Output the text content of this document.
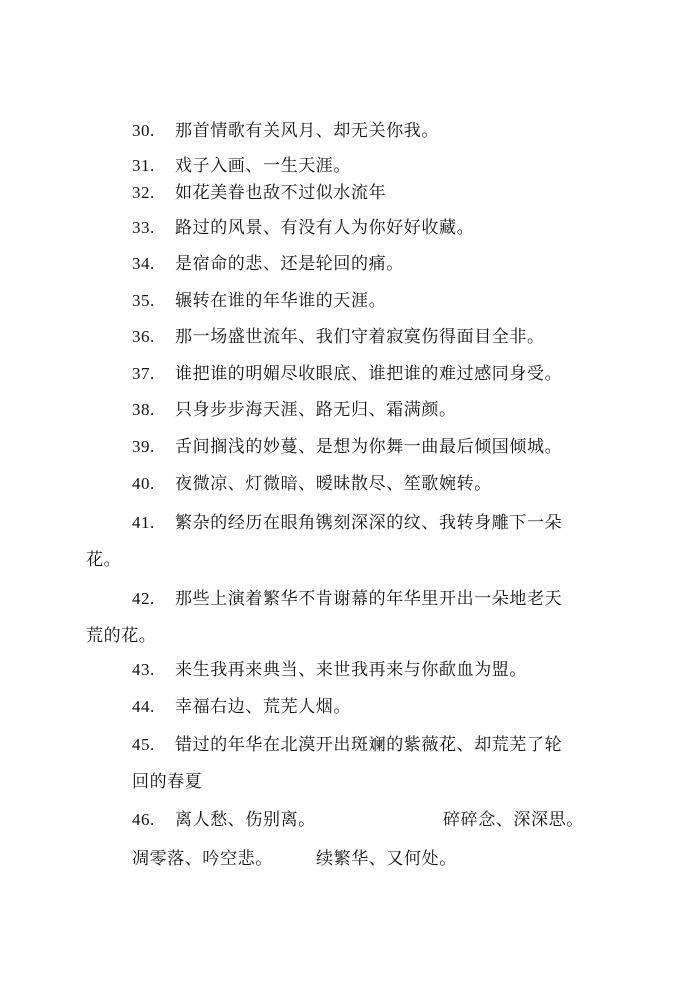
30. 那首情歌有关风月、却无关你我。
31. 戏子入画、一生天涯。
32. 如花美眷也敌不过似水流年
33. 路过的风景、有没有人为你好好收藏。
34. 是宿命的悲、还是轮回的痛。
35. 辗转在谁的年华谁的天涯。
36. 那一场盛世流年、我们守着寂寞伤得面目全非。
37. 谁把谁的明媚尽收眼底、谁把谁的难过感同身受。
38. 只身步步海天涯、路无归、霜满颜。
39. 舌间搁浅的妙蔓、是想为你舞一曲最后倾国倾城。
40. 夜微凉、灯微暗、暧昧散尽、笙歌婉转。
41. 繁杂的经历在眼角镌刻深深的纹、我转身雕下一朵
花。
42. 那些上演着繁华不肯谢幕的年华里开出一朵地老天
荒的花。
43. 来生我再来典当、来世我再来与你歃血为盟。
44. 幸福右边、荒芜人烟。
45. 错过的年华在北漠开出斑斓的紫薇花、却荒芜了轮
回的春夏
46. 离人愁、伤别离。	碎碎念、深深思。
凋零落、吟空悲。	续繁华、又何处。
